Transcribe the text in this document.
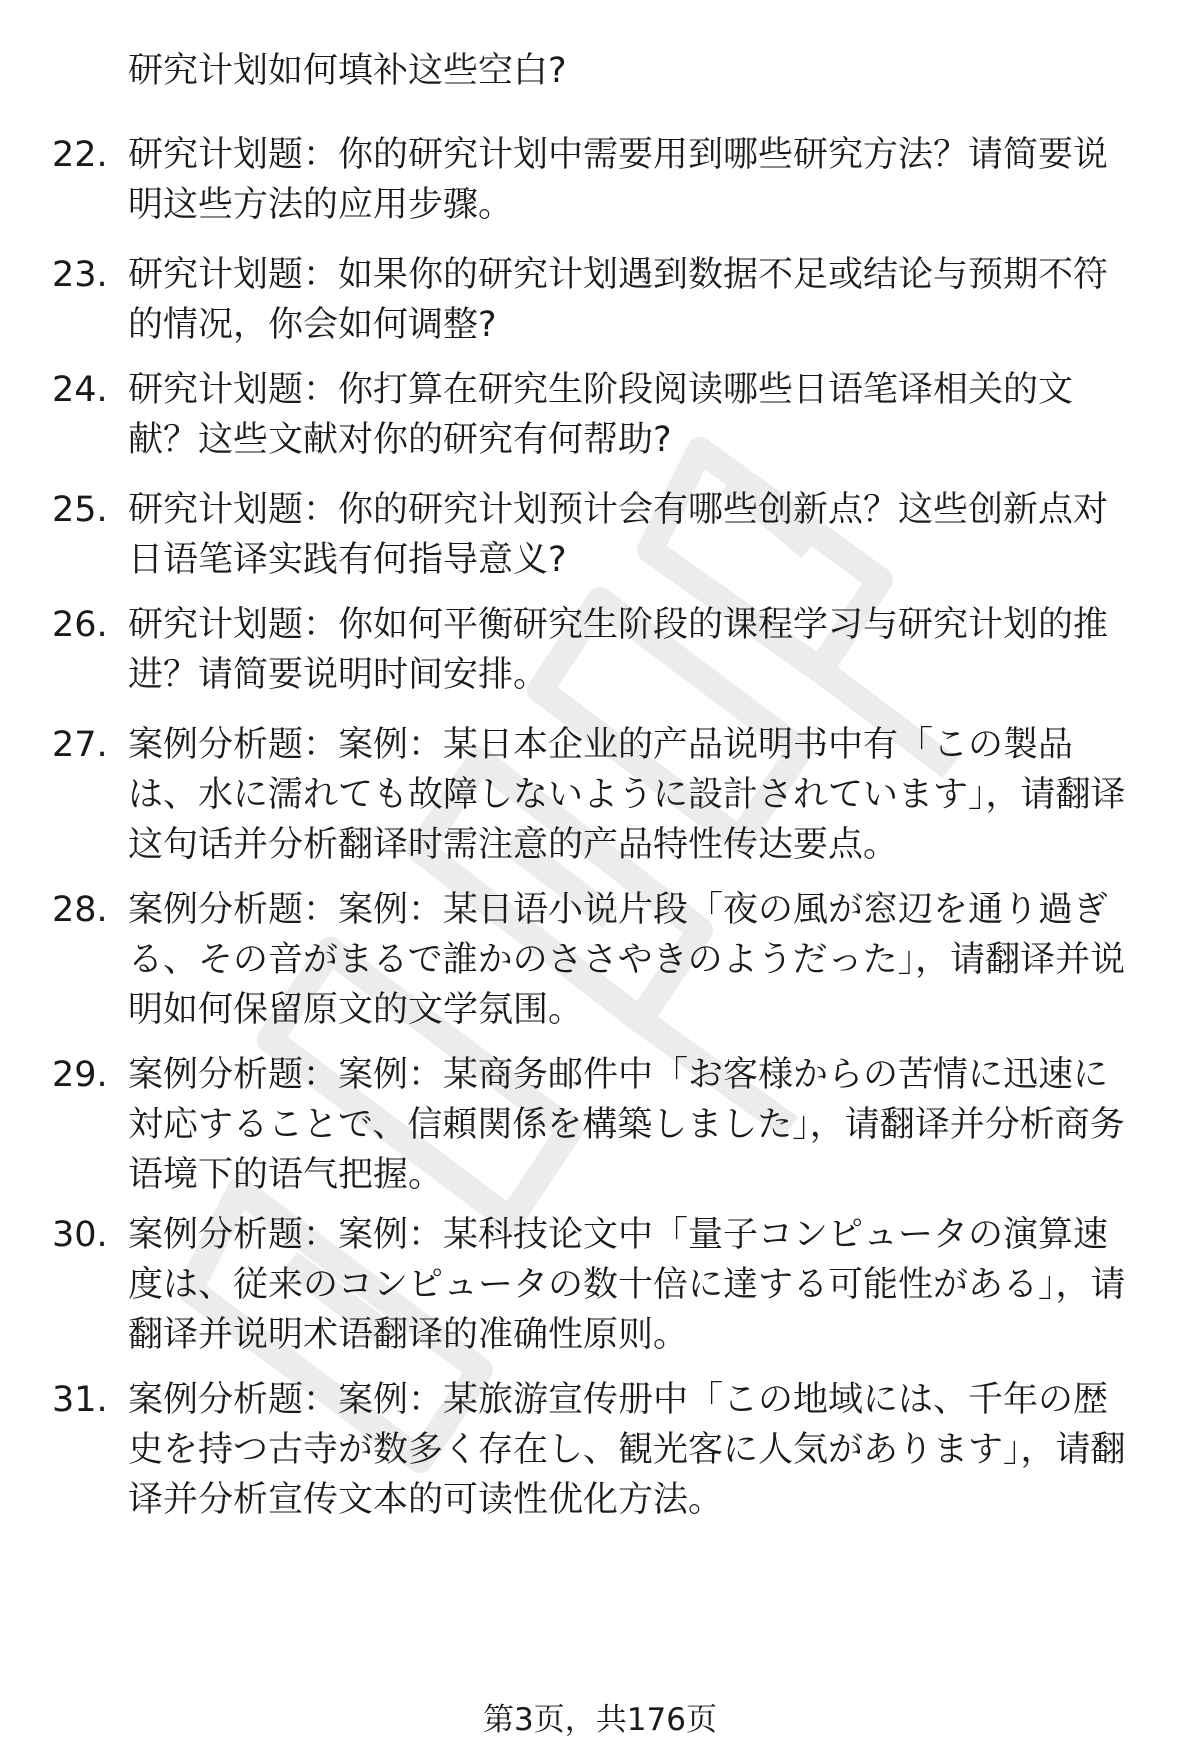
研究计划如何填补这些空白?
22. 研究计划题：你的研究计划中需要用到哪些研究方法？请简要说明这些方法的应用步骤。
23. 研究计划题：如果你的研究计划遇到数据不足或结论与预期不符的情况，你会如何调整?
24. 研究计划题：你打算在研究生阶段阅读哪些日语笔译相关的文献？这些文献对你的研究有何帮助?
25. 研究计划题：你的研究计划预计会有哪些创新点？这些创新点对日语笔译实践有何指导意义?
26. 研究计划题：你如何平衡研究生阶段的课程学习与研究计划的推进？请简要说明时间安排。
27. 案例分析题：案例：某日本企业的产品说明书中有「この製品は、水に濡れても故障しないように設計されています」，请翻译这句话并分析翻译时需注意的产品特性传达要点。
28. 案例分析题：案例：某日语小说片段「夜の風が窓辺を通り過ぎる、その音がまるで誰かのささやきのようだった」，请翻译并说明如何保留原文的文学氛围。
29. 案例分析题：案例：某商务邮件中「お客様からの苦情に迅速に対応することで、信頼関係を構築しました」，请翻译并分析商务语境下的语气把握。
30. 案例分析题：案例：某科技论文中「量子コンピュータの演算速度は、従来のコンピュータの数十倍に達する可能性がある」，请翻译并说明术语翻译的准确性原则。
31. 案例分析题：案例：某旅游宣传册中「この地域には、千年の歴史を持つ古寺が数多く存在し、観光客に人気があります」，请翻译并分析宣传文本的可读性优化方法。
第3页，共176页
